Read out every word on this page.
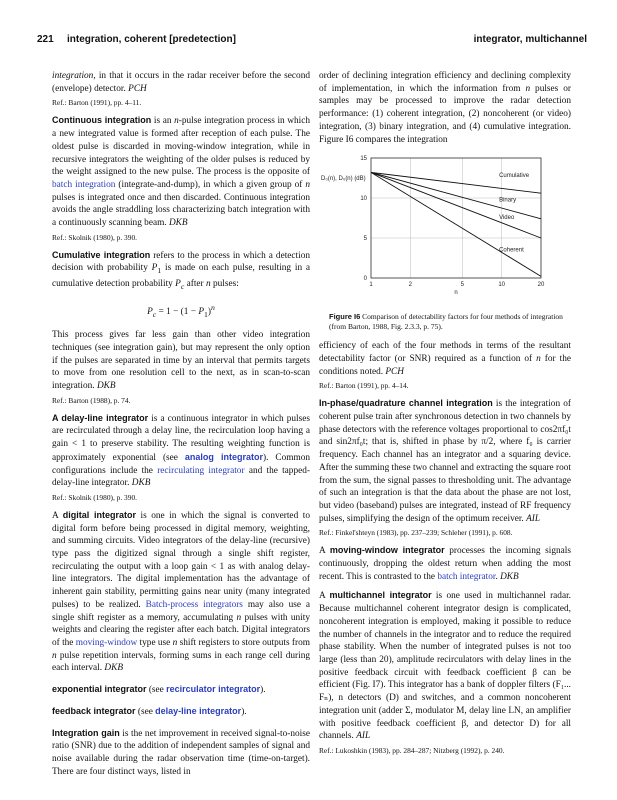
221 integration, coherent [predetection]	integrator, multichannel

integration, in that it occurs in the radar receiver before the second (envelope) detector. PCH

Ref.: Barton (1991), pp. 4–11.

Continuous integration is an n-pulse integration process in which a new integrated value is formed after reception of each pulse. The oldest pulse is discarded in moving-window integration, while in recursive integrators the weighting of the older pulses is reduced by the weight assigned to the new pulse. The process is the opposite of batch integration (integrate-and-dump), in which a given group of n pulses is integrated once and then discarded. Continuous integration avoids the angle straddling loss characterizing batch integration with a continuously scanning beam. DKB

Ref.: Skolnik (1980), p. 390.

Cumulative integration refers to the process in which a detection decision with probability $P_1$ is made on each pulse, resulting in a cumulative detection probability $P_c$ after n pulses:

$P_c = 1 - (1 - P_1)^n$

This process gives far less gain than other video integration techniques (see integration gain), but may represent the only option if the pulses are separated in time by an interval that permits targets to move from one resolution cell to the next, as in scan-to-scan integration. DKB

Ref.: Barton (1988), p. 74.

A delay-line integrator is a continuous integrator in which pulses are recirculated through a delay line, the recirculation loop having a gain < 1 to preserve stability. The resulting weighting function is approximately exponential (see analog integrator). Common configurations include the recirculating integrator and the tapped-delay-line integrator. DKB

Ref.: Skolnik (1980), p. 390.

A digital integrator is one in which the signal is converted to digital form before being processed in digital memory, weighting, and summing circuits. Video integrators of the delay-line (recursive) type pass the digitized signal through a single shift register, recirculating the output with a loop gain < 1 as with analog delay-line integrators. The digital implementation has the advantage of inherent gain stability, permitting gains near unity (many integrated pulses) to be realized. Batch-process integrators may also use a single shift register as a memory, accumulating n pulses with unity weights and clearing the register after each batch. Digital integrators of the moving-window type use n shift registers to store outputs from n pulse repetition intervals, forming sums in each range cell during each interval. DKB

exponential integrator (see recirculator integrator).

feedback integrator (see delay-line integrator).

Integration gain is the net improvement in received signal-to-noise ratio (SNR) due to the addition of independent samples of signal and noise available during the radar observation time (time-on-target). There are four distinct ways, listed in

order of declining integration efficiency and declining complexity of implementation, in which the information from n pulses or samples may be processed to improve the radar detection performance: (1) coherent integration, (2) noncoherent (or video) integration, (3) binary integration, and (4) cumulative integration. Figure I6 compares the integration

1	2	5	10	20
0
5
10
15
D₀(n), D₀(n) (dB)
n
Cumulative
Binary
Video
Coherent
Figure I6 Comparison of detectability factors for four methods of integration (from Barton, 1988, Fig. 2.3.3, p. 75).

efficiency of each of the four methods in terms of the resultant detectability factor (or SNR) required as a function of n for the conditions noted. PCH

Ref.: Barton (1991), pp. 4–14.

In-phase/quadrature channel integration is the integration of coherent pulse train after synchronous detection in two channels by phase detectors with the reference voltages proportional to cos2πf₀t and sin2πf₀t; that is, shifted in phase by π/2, where f₀ is carrier frequency. Each channel has an integrator and a squaring device. After the summing these two channel and extracting the square root from the sum, the signal passes to thresholding unit. The advantage of such an integration is that the data about the phase are not lost, but video (baseband) pulses are integrated, instead of RF frequency pulses, simplifying the design of the optimum receiver. AIL

Ref.: Finkel'shteyn (1983), pp. 237–239; Schleher (1991), p. 608.

A moving-window integrator processes the incoming signals continuously, dropping the oldest return when adding the most recent. This is contrasted to the batch integrator. DKB

A multichannel integrator is one used in multichannel radar. Because multichannel coherent integrator design is complicated, noncoherent integration is employed, making it possible to reduce the number of channels in the integrator and to reduce the required phase stability. When the number of integrated pulses is not too large (less than 20), amplitude recirculators with delay lines in the positive feedback circuit with feedback coefficient β can be efficient (Fig. I7). This integrator has a bank of doppler filters (F₁... Fₙ), n detectors (D) and switches, and a common noncoherent integration unit (adder Σ, modulator M, delay line LN, an amplifier with positive feedback coefficient β, and detector D) for all channels. AIL

Ref.: Lukoshkin (1983), pp. 284–287; Nitzberg (1992), p. 240.
